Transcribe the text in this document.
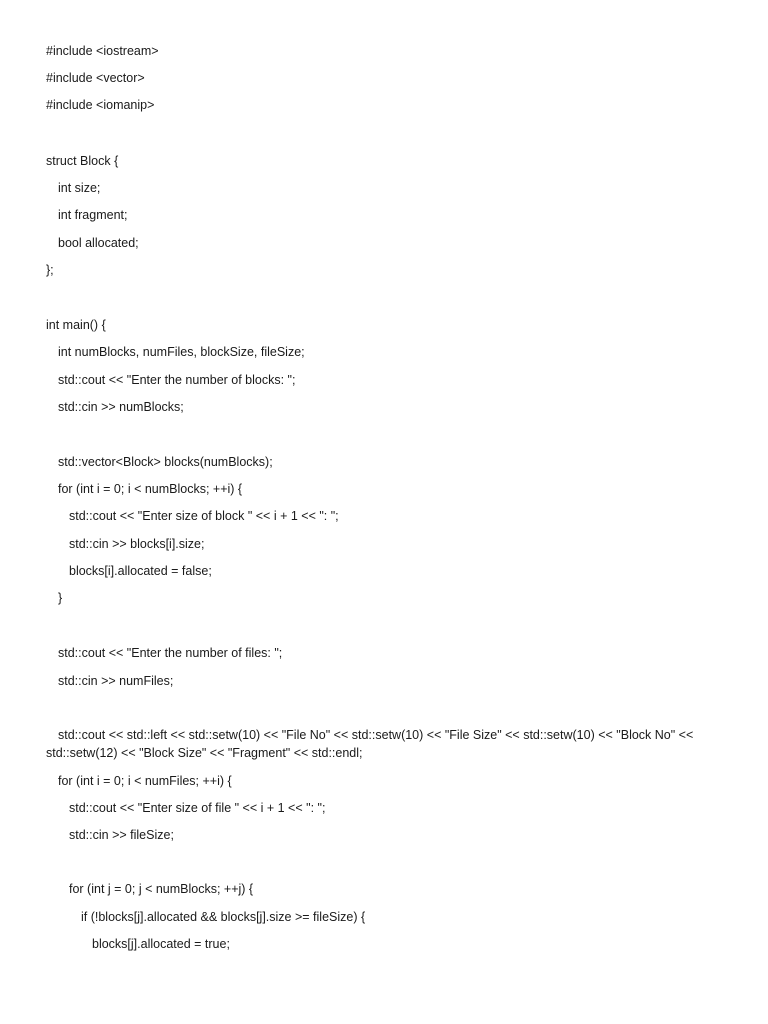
#include <iostream>

#include <vector>

#include <iomanip>

struct Block {

int size;

int fragment;

bool allocated;

};

int main() {

int numBlocks, numFiles, blockSize, fileSize;

std::cout << "Enter the number of blocks: ";

std::cin >> numBlocks;

std::vector<Block> blocks(numBlocks);

for (int i = 0; i < numBlocks; ++i) {

std::cout << "Enter size of block " << i + 1 << ": ";

std::cin >> blocks[i].size;

blocks[i].allocated = false;

}

std::cout << "Enter the number of files: ";

std::cin >> numFiles;

std::cout << std::left << std::setw(10) << "File No" << std::setw(10) << "File Size" << std::setw(10) << "Block No" << std::setw(12) << "Block Size" << "Fragment" << std::endl;

for (int i = 0; i < numFiles; ++i) {

std::cout << "Enter size of file " << i + 1 << ": ";

std::cin >> fileSize;

for (int j = 0; j < numBlocks; ++j) {

if (!blocks[j].allocated && blocks[j].size >= fileSize) {

blocks[j].allocated = true;
